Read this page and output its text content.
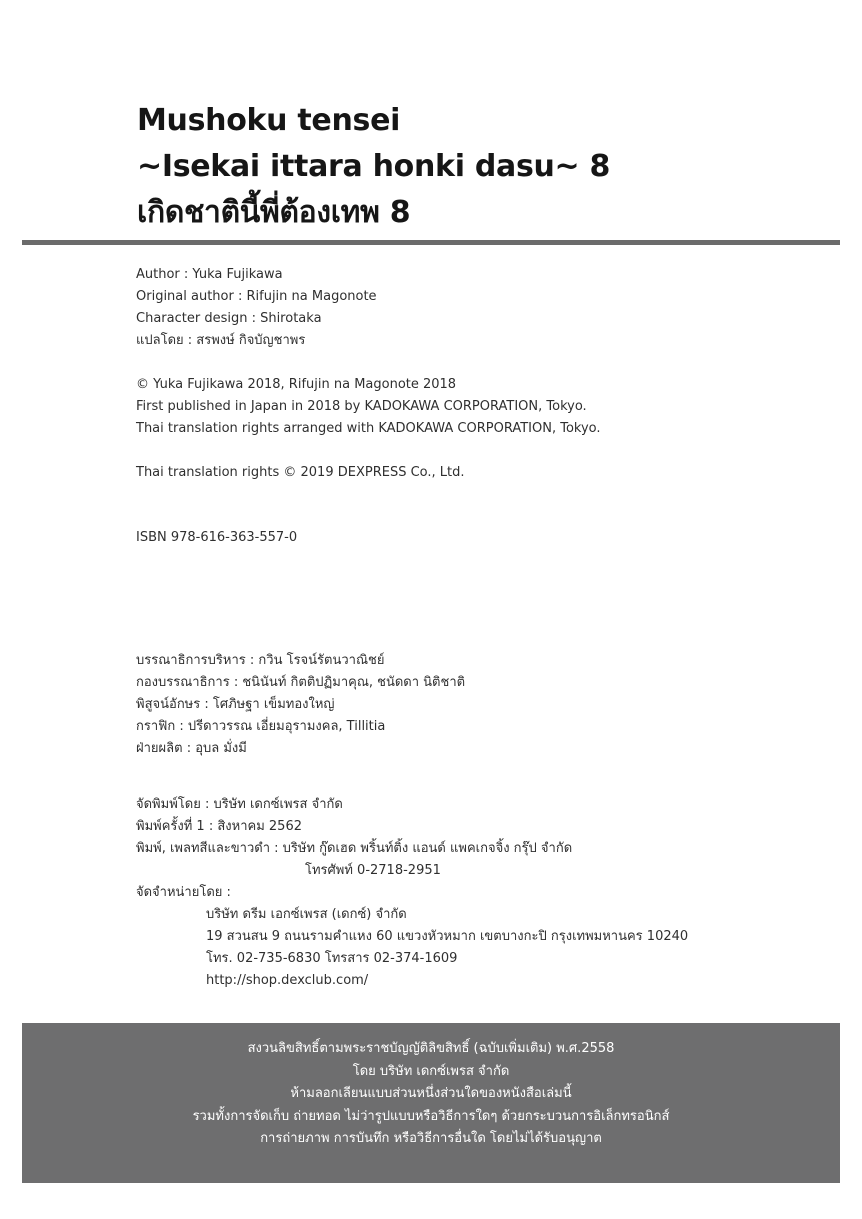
Mushoku tensei
~Isekai ittara honki dasu~ 8
เกิดชาตินี้พี่ต้องเทพ 8
Author : Yuka Fujikawa
Original author : Rifujin na Magonote
Character design : Shirotaka
แปลโดย : สรพงษ์ กิจบัญชาพร
© Yuka Fujikawa 2018, Rifujin na Magonote 2018
First published in Japan in 2018 by KADOKAWA CORPORATION, Tokyo.
Thai translation rights arranged with KADOKAWA CORPORATION, Tokyo.
Thai translation rights © 2019 DEXPRESS Co., Ltd.
ISBN 978-616-363-557-0
บรรณาธิการบริหาร : กวิน โรจน์รัตนวาณิชย์
กองบรรณาธิการ : ชนินันท์ กิตติปฏิมาคุณ, ชนัดดา นิติชาติ
พิสูจน์อักษร : โศภิษฐา เข็มทองใหญ่
กราฟิก : ปรีดาวรรณ เอี่ยมอุรามงคล, Tillitia
ฝ่ายผลิต : อุบล มั่งมี
จัดพิมพ์โดย : บริษัท เดกซ์เพรส จำกัด
พิมพ์ครั้งที่ 1 : สิงหาคม 2562
พิมพ์, เพลทสีและขาวดำ : บริษัท กู๊ดเฮด พริ้นท์ติ้ง แอนด์ แพคเกจจิ้ง กรุ๊ป จำกัด
โทรศัพท์ 0-2718-2951
จัดจำหน่ายโดย :
บริษัท ดรีม เอกซ์เพรส (เดกซ์) จำกัด
19 สวนสน 9 ถนนรามคำแหง 60 แขวงหัวหมาก เขตบางกะปิ กรุงเทพมหานคร 10240
โทร. 02-735-6830 โทรสาร 02-374-1609
http://shop.dexclub.com/
สงวนลิขสิทธิ์ตามพระราชบัญญัติลิขสิทธิ์ (ฉบับเพิ่มเติม) พ.ศ.2558
โดย บริษัท เดกซ์เพรส จำกัด
ห้ามลอกเลียนแบบส่วนหนึ่งส่วนใดของหนังสือเล่มนี้
รวมทั้งการจัดเก็บ ถ่ายทอด ไม่ว่ารูปแบบหรือวิธีการใดๆ ด้วยกระบวนการอิเล็กทรอนิกส์
การถ่ายภาพ การบันทึก หรือวิธีการอื่นใด โดยไม่ได้รับอนุญาต
